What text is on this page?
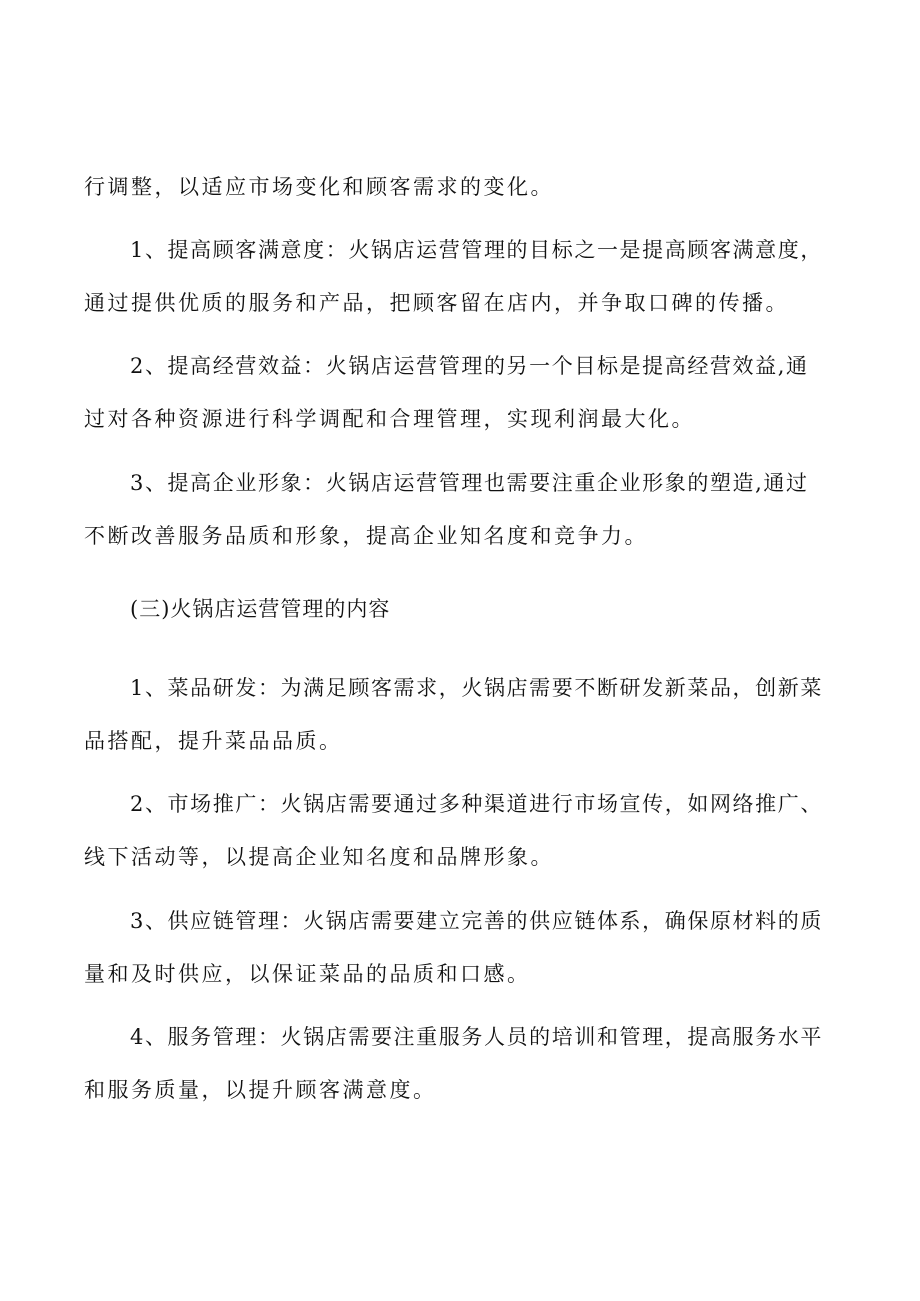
行调整，以适应市场变化和顾客需求的变化。

1、提高顾客满意度：火锅店运营管理的目标之一是提高顾客满意度，

通过提供优质的服务和产品，把顾客留在店内，并争取口碑的传播。

2、提高经营效益：火锅店运营管理的另一个目标是提高经营效益,通

过对各种资源进行科学调配和合理管理，实现利润最大化。

3、提高企业形象：火锅店运营管理也需要注重企业形象的塑造,通过

不断改善服务品质和形象，提高企业知名度和竞争力。

(三)火锅店运营管理的内容

1、菜品研发：为满足顾客需求，火锅店需要不断研发新菜品，创新菜

品搭配，提升菜品品质。

2、市场推广：火锅店需要通过多种渠道进行市场宣传，如网络推广、

线下活动等，以提高企业知名度和品牌形象。

3、供应链管理：火锅店需要建立完善的供应链体系，确保原材料的质

量和及时供应，以保证菜品的品质和口感。

4、服务管理：火锅店需要注重服务人员的培训和管理，提高服务水平

和服务质量，以提升顾客满意度。
